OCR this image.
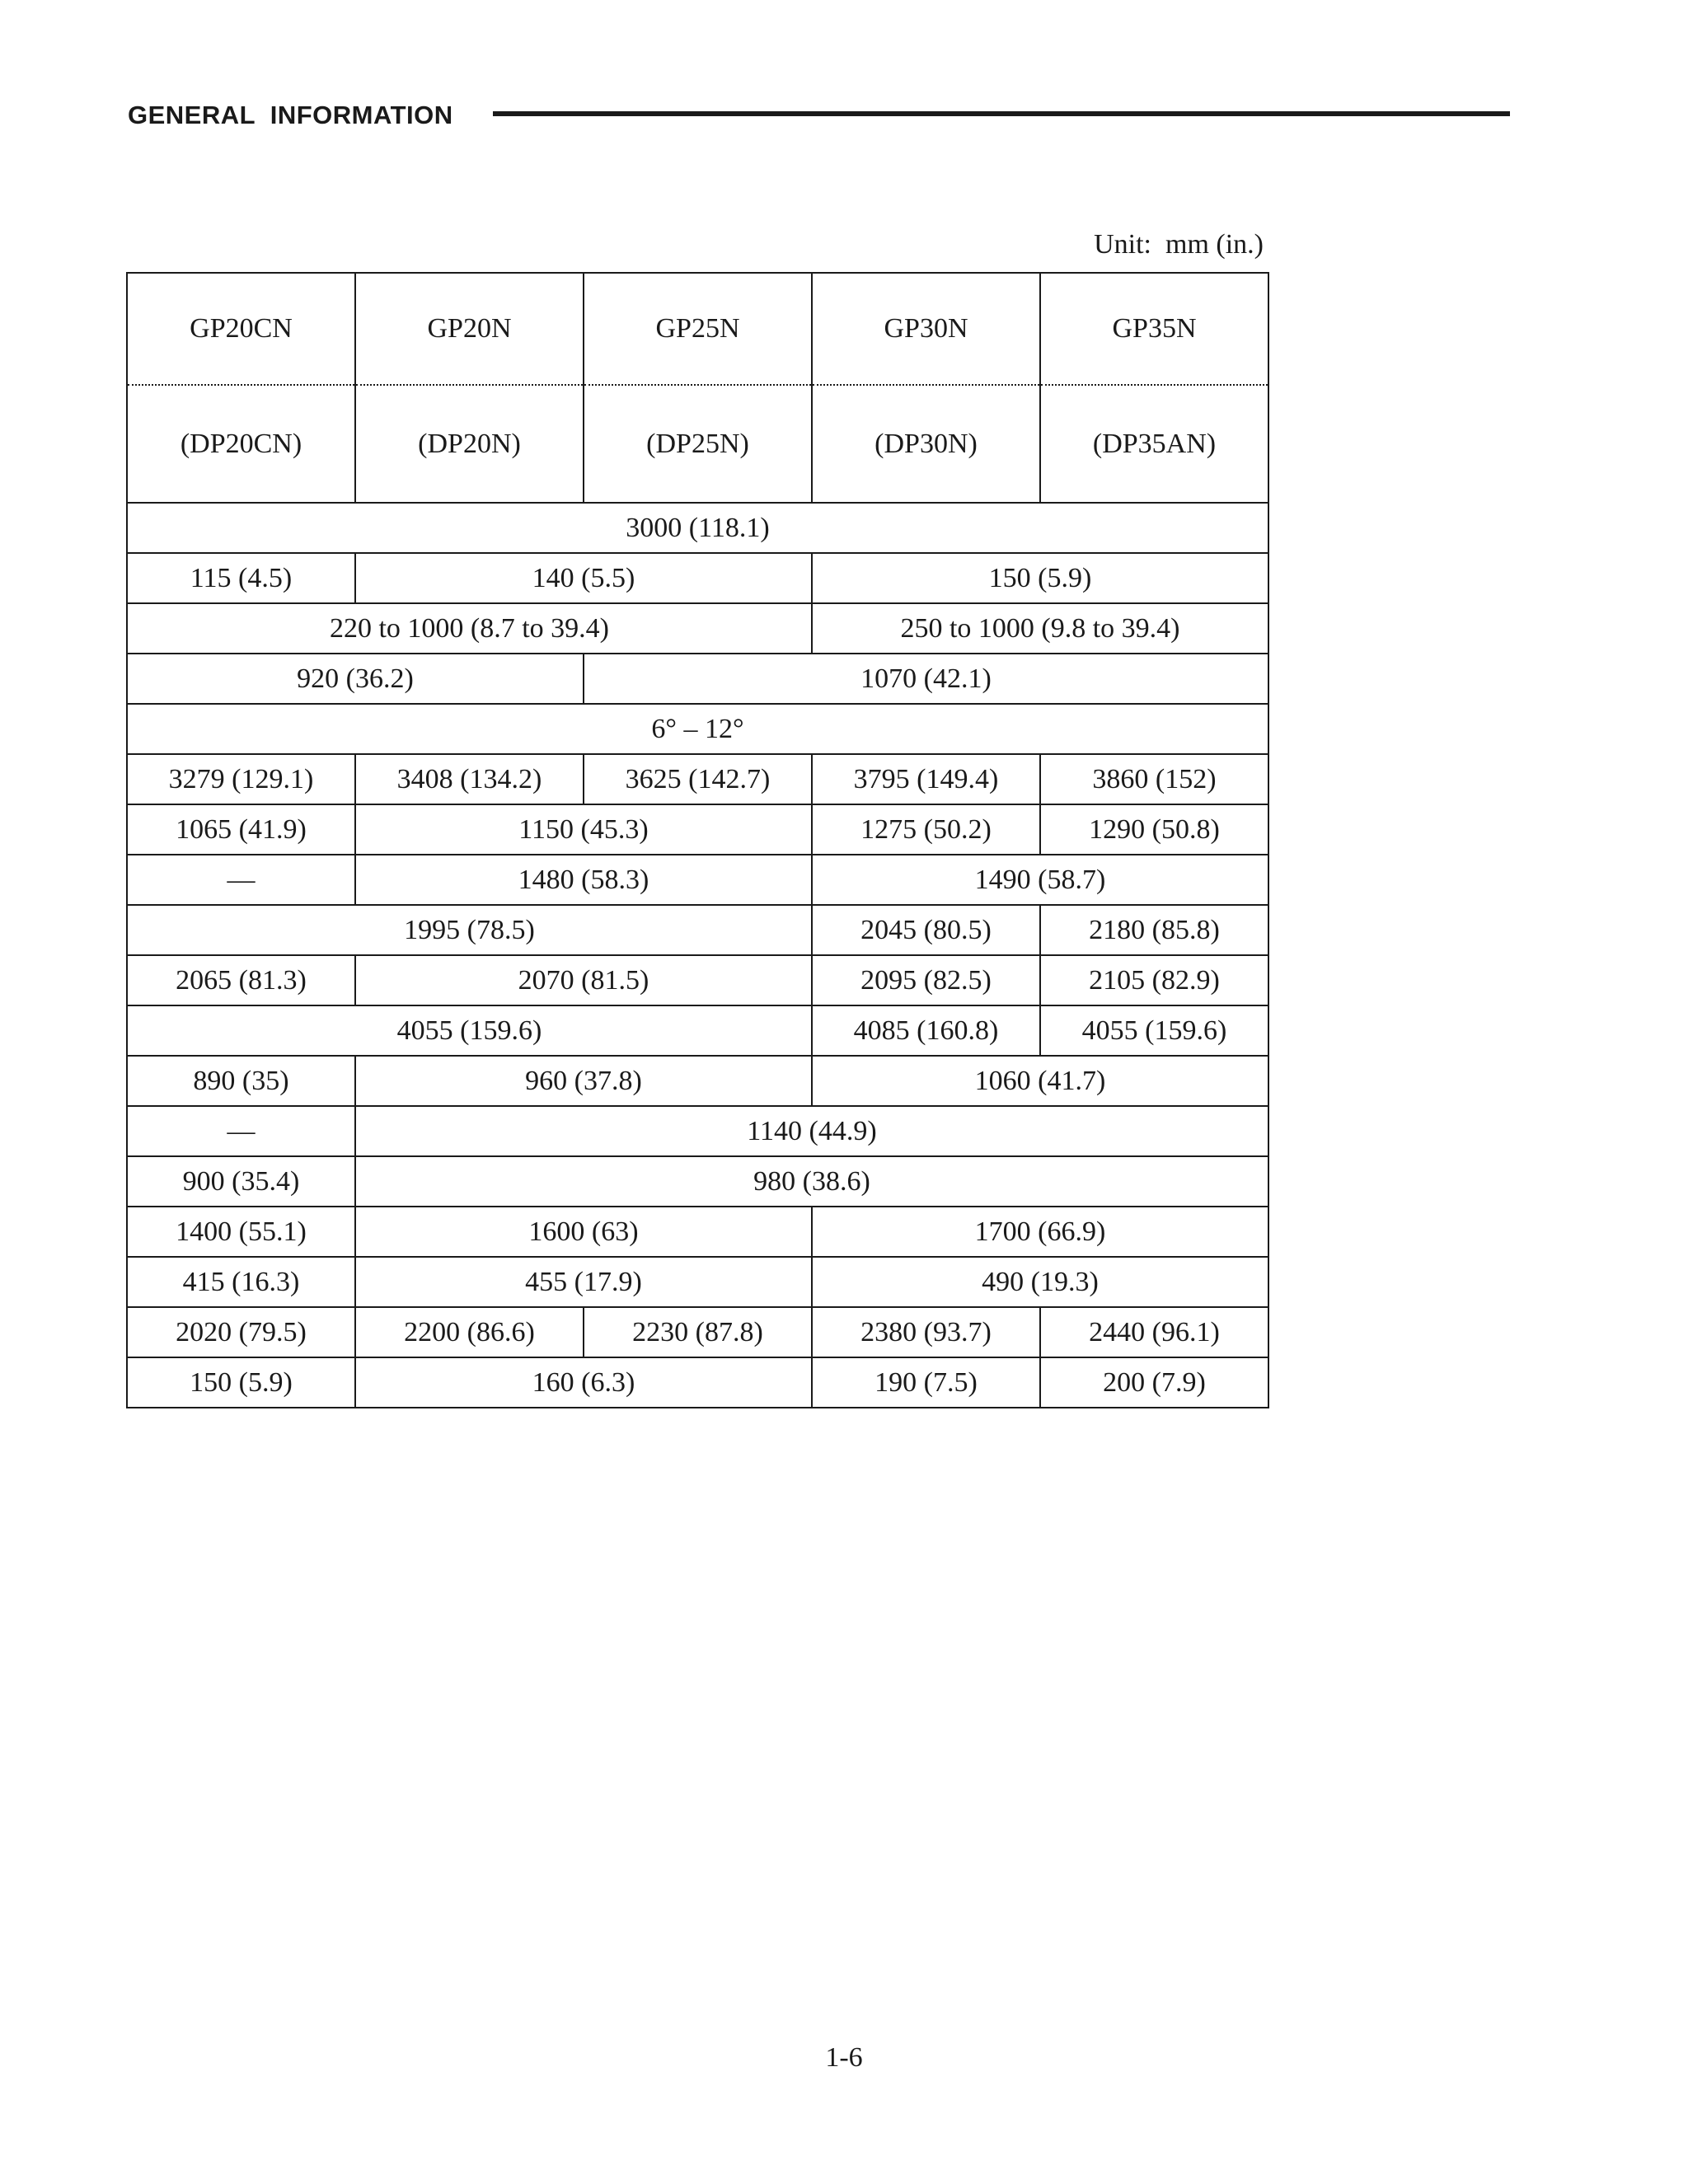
GENERAL  INFORMATION
Unit:  mm (in.)
GP20CN	GP20N	GP25N	GP30N	GP35N
(DP20CN)	(DP20N)	(DP25N)	(DP30N)	(DP35AN)
3000 (118.1)				
115 (4.5)	140 (5.5)		150 (5.9)	
220 to 1000 (8.7 to 39.4)			250 to 1000 (9.8 to 39.4)	
920 (36.2)		1070 (42.1)		
6° – 12°				
3279 (129.1)	3408 (134.2)	3625 (142.7)	3795 (149.4)	3860 (152)
1065 (41.9)	1150 (45.3)		1275 (50.2)	1290 (50.8)
—	1480 (58.3)		1490 (58.7)	
1995 (78.5)			2045 (80.5)	2180 (85.8)
2065 (81.3)	2070 (81.5)		2095 (82.5)	2105 (82.9)
4055 (159.6)			4085 (160.8)	4055 (159.6)
890 (35)	960 (37.8)		1060 (41.7)	
—	1140 (44.9)			
900 (35.4)	980 (38.6)			
1400 (55.1)	1600 (63)		1700 (66.9)	
415 (16.3)	455 (17.9)		490 (19.3)	
2020 (79.5)	2200 (86.6)	2230 (87.8)	2380 (93.7)	2440 (96.1)
150 (5.9)	160 (6.3)		190 (7.5)	200 (7.9)
1-6
